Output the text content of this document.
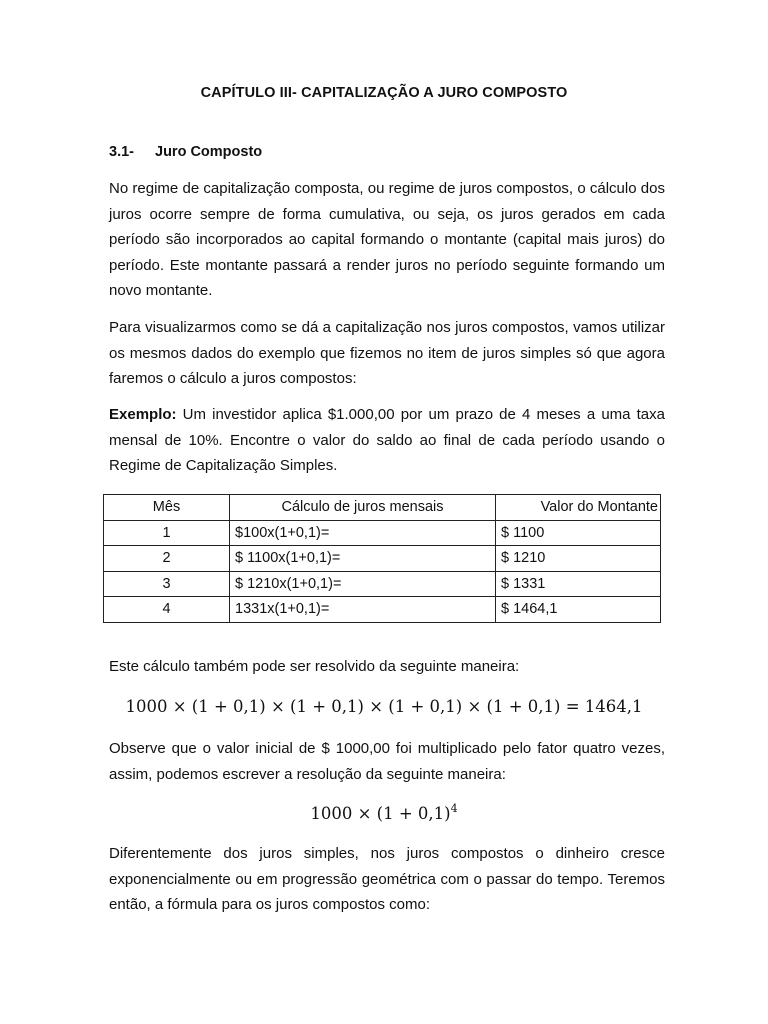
CAPÍTULO III- CAPITALIZAÇÃO A JURO COMPOSTO
3.1- Juro Composto

No regime de capitalização composta, ou regime de juros compostos, o cálculo dos juros ocorre sempre de forma cumulativa, ou seja, os juros gerados em cada período são incorporados ao capital formando o montante (capital mais juros) do período. Este montante passará a render juros no período seguinte formando um novo montante.

Para visualizarmos como se dá a capitalização nos juros compostos, vamos utilizar os mesmos dados do exemplo que fizemos no item de juros simples só que agora faremos o cálculo a juros compostos:

Exemplo: Um investidor aplica $1.000,00 por um prazo de 4 meses a uma taxa mensal de 10%. Encontre o valor do saldo ao final de cada período usando o Regime de Capitalização Simples.

Mês	Cálculo de juros mensais	Valor do Montante
1	$100x(1+0,1)=	$ 1100
2	$ 1100x(1+0,1)=	$ 1210
3	$ 1210x(1+0,1)=	$ 1331
4	1331x(1+0,1)=	$ 1464,1

Este cálculo também pode ser resolvido da seguinte maneira:

1000 × (1 + 0,1) × (1 + 0,1) × (1 + 0,1) × (1 + 0,1) = 1464,1

Observe que o valor inicial de $ 1000,00 foi multiplicado pelo fator quatro vezes, assim, podemos escrever a resolução da seguinte maneira:

$1000 \times (1 + 0,1)^4$

Diferentemente dos juros simples, nos juros compostos o dinheiro cresce exponencialmente ou em progressão geométrica com o passar do tempo. Teremos então, a fórmula para os juros compostos como:
